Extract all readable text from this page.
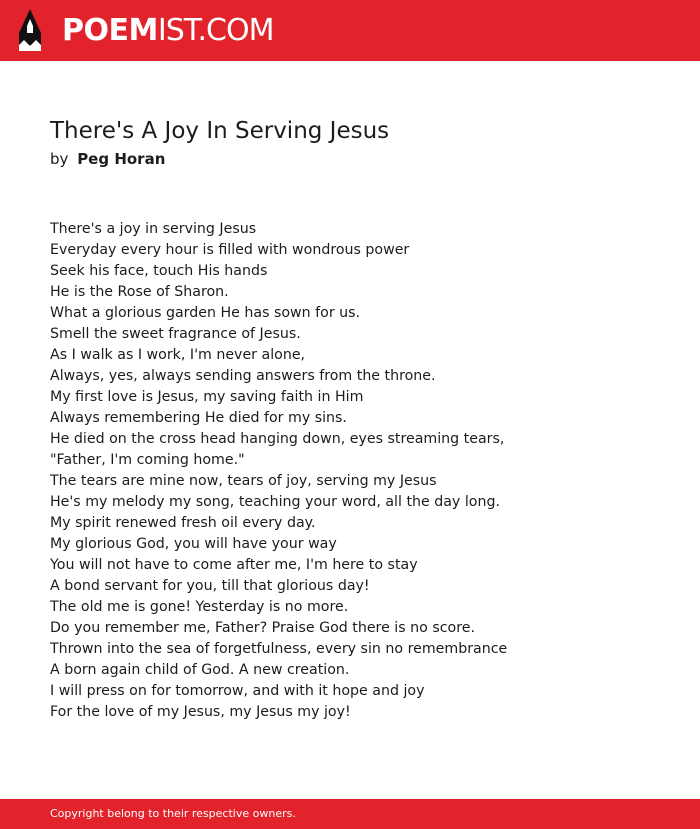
POEMIST.COM
There's A Joy In Serving Jesus
by Peg Horan
There's a joy in serving Jesus
Everyday every hour is filled with wondrous power
Seek his face, touch His hands
He is the Rose of Sharon.
What a glorious garden He has sown for us.
Smell the sweet fragrance of Jesus.
As I walk as I work, I'm never alone,
Always, yes, always sending answers from the throne.
My first love is Jesus, my saving faith in Him
Always remembering He died for my sins.
He died on the cross head hanging down, eyes streaming tears,
"Father, I'm coming home."
The tears are mine now, tears of joy, serving my Jesus
He's my melody my song, teaching your word, all the day long.
My spirit renewed fresh oil every day.
My glorious God, you will have your way
You will not have to come after me, I'm here to stay
A bond servant for you, till that glorious day!
The old me is gone! Yesterday is no more.
Do you remember me, Father? Praise God there is no score.
Thrown into the sea of forgetfulness, every sin no remembrance
A born again child of God. A new creation.
I will press on for tomorrow, and with it hope and joy
For the love of my Jesus, my Jesus my joy!
Copyright belong to their respective owners.
